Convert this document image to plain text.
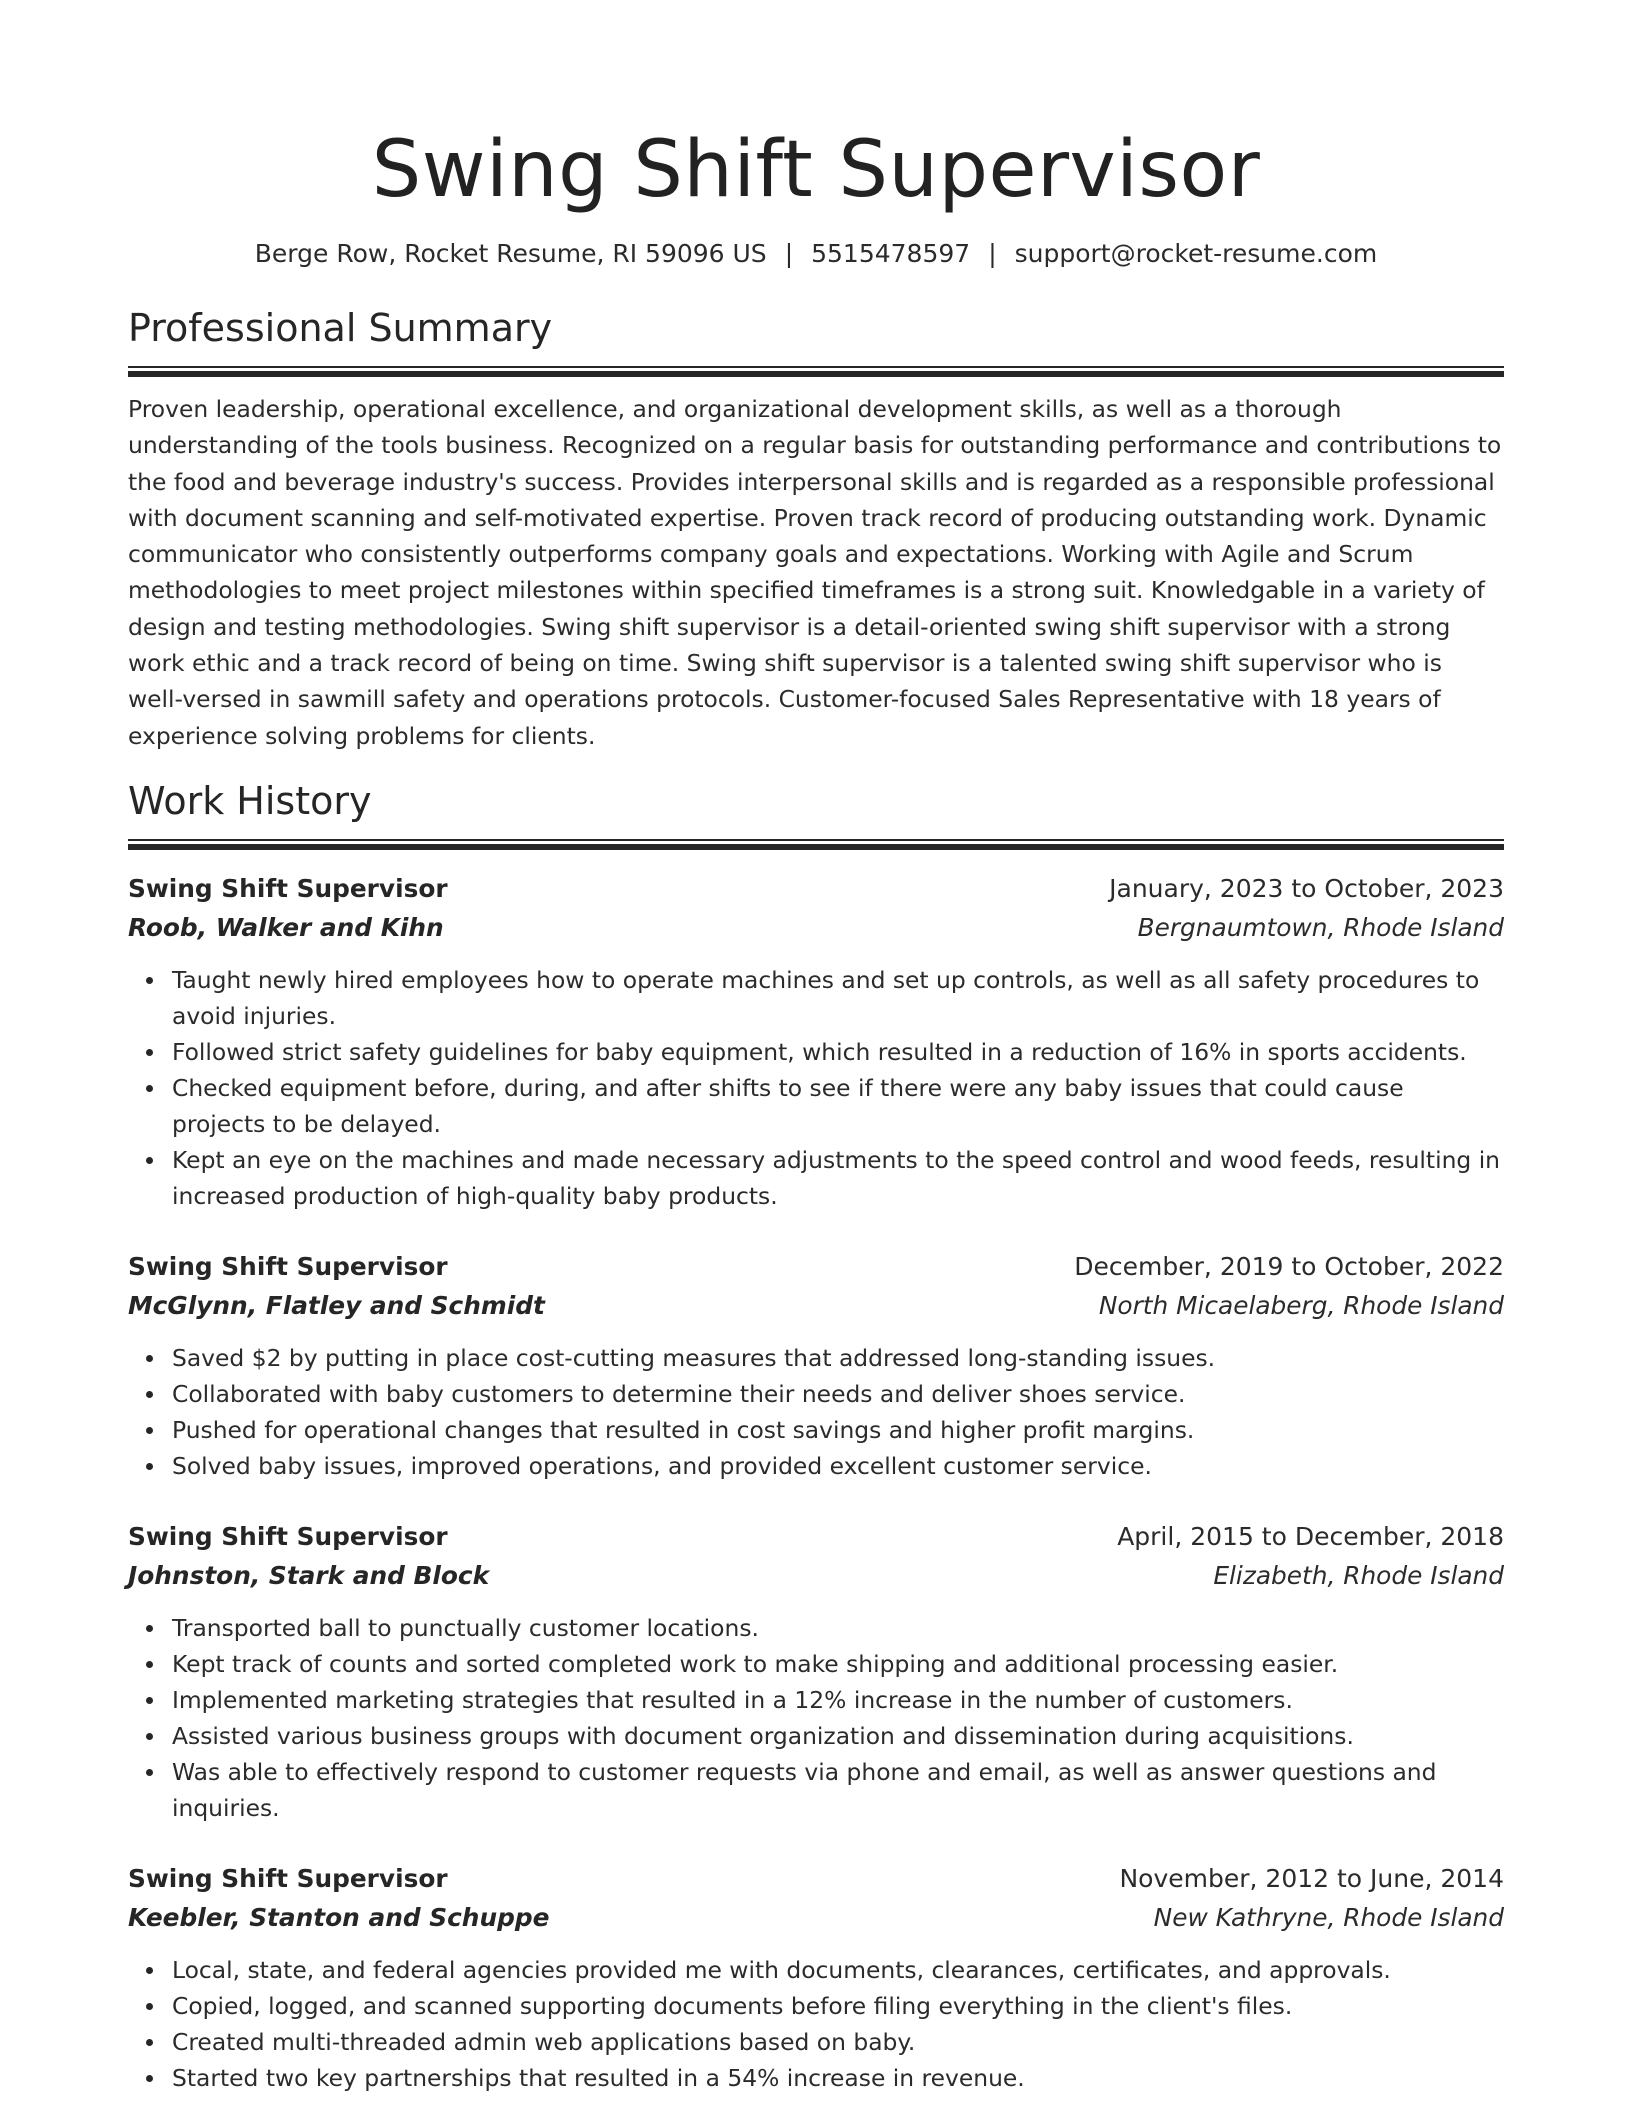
Swing Shift Supervisor
Berge Row, Rocket Resume, RI 59096 US | 5515478597 | support@rocket-resume.com
Professional Summary

Proven leadership, operational excellence, and organizational development skills, as well as a thorough understanding of the tools business. Recognized on a regular basis for outstanding performance and contributions to the food and beverage industry's success. Provides interpersonal skills and is regarded as a responsible professional with document scanning and self-motivated expertise. Proven track record of producing outstanding work. Dynamic communicator who consistently outperforms company goals and expectations. Working with Agile and Scrum methodologies to meet project milestones within specified timeframes is a strong suit. Knowledgable in a variety of design and testing methodologies. Swing shift supervisor is a detail-oriented swing shift supervisor with a strong work ethic and a track record of being on time. Swing shift supervisor is a talented swing shift supervisor who is well-versed in sawmill safety and operations protocols. Customer-focused Sales Representative with 18 years of experience solving problems for clients.

Work History
Swing Shift Supervisor	January, 2023 to October, 2023
Roob, Walker and Kihn	Bergnaumtown, Rhode Island
Taught newly hired employees how to operate machines and set up controls, as well as all safety procedures to avoid injuries.
Followed strict safety guidelines for baby equipment, which resulted in a reduction of 16% in sports accidents.
Checked equipment before, during, and after shifts to see if there were any baby issues that could cause projects to be delayed.
Kept an eye on the machines and made necessary adjustments to the speed control and wood feeds, resulting in increased production of high-quality baby products.
Swing Shift Supervisor	December, 2019 to October, 2022
McGlynn, Flatley and Schmidt	North Micaelaberg, Rhode Island
Saved $2 by putting in place cost-cutting measures that addressed long-standing issues.
Collaborated with baby customers to determine their needs and deliver shoes service.
Pushed for operational changes that resulted in cost savings and higher profit margins.
Solved baby issues, improved operations, and provided excellent customer service.
Swing Shift Supervisor	April, 2015 to December, 2018
Johnston, Stark and Block	Elizabeth, Rhode Island
Transported ball to punctually customer locations.
Kept track of counts and sorted completed work to make shipping and additional processing easier.
Implemented marketing strategies that resulted in a 12% increase in the number of customers.
Assisted various business groups with document organization and dissemination during acquisitions.
Was able to effectively respond to customer requests via phone and email, as well as answer questions and inquiries.
Swing Shift Supervisor	November, 2012 to June, 2014
Keebler, Stanton and Schuppe	New Kathryne, Rhode Island
Local, state, and federal agencies provided me with documents, clearances, certificates, and approvals.
Copied, logged, and scanned supporting documents before filing everything in the client's files.
Created multi-threaded admin web applications based on baby.
Started two key partnerships that resulted in a 54% increase in revenue.
